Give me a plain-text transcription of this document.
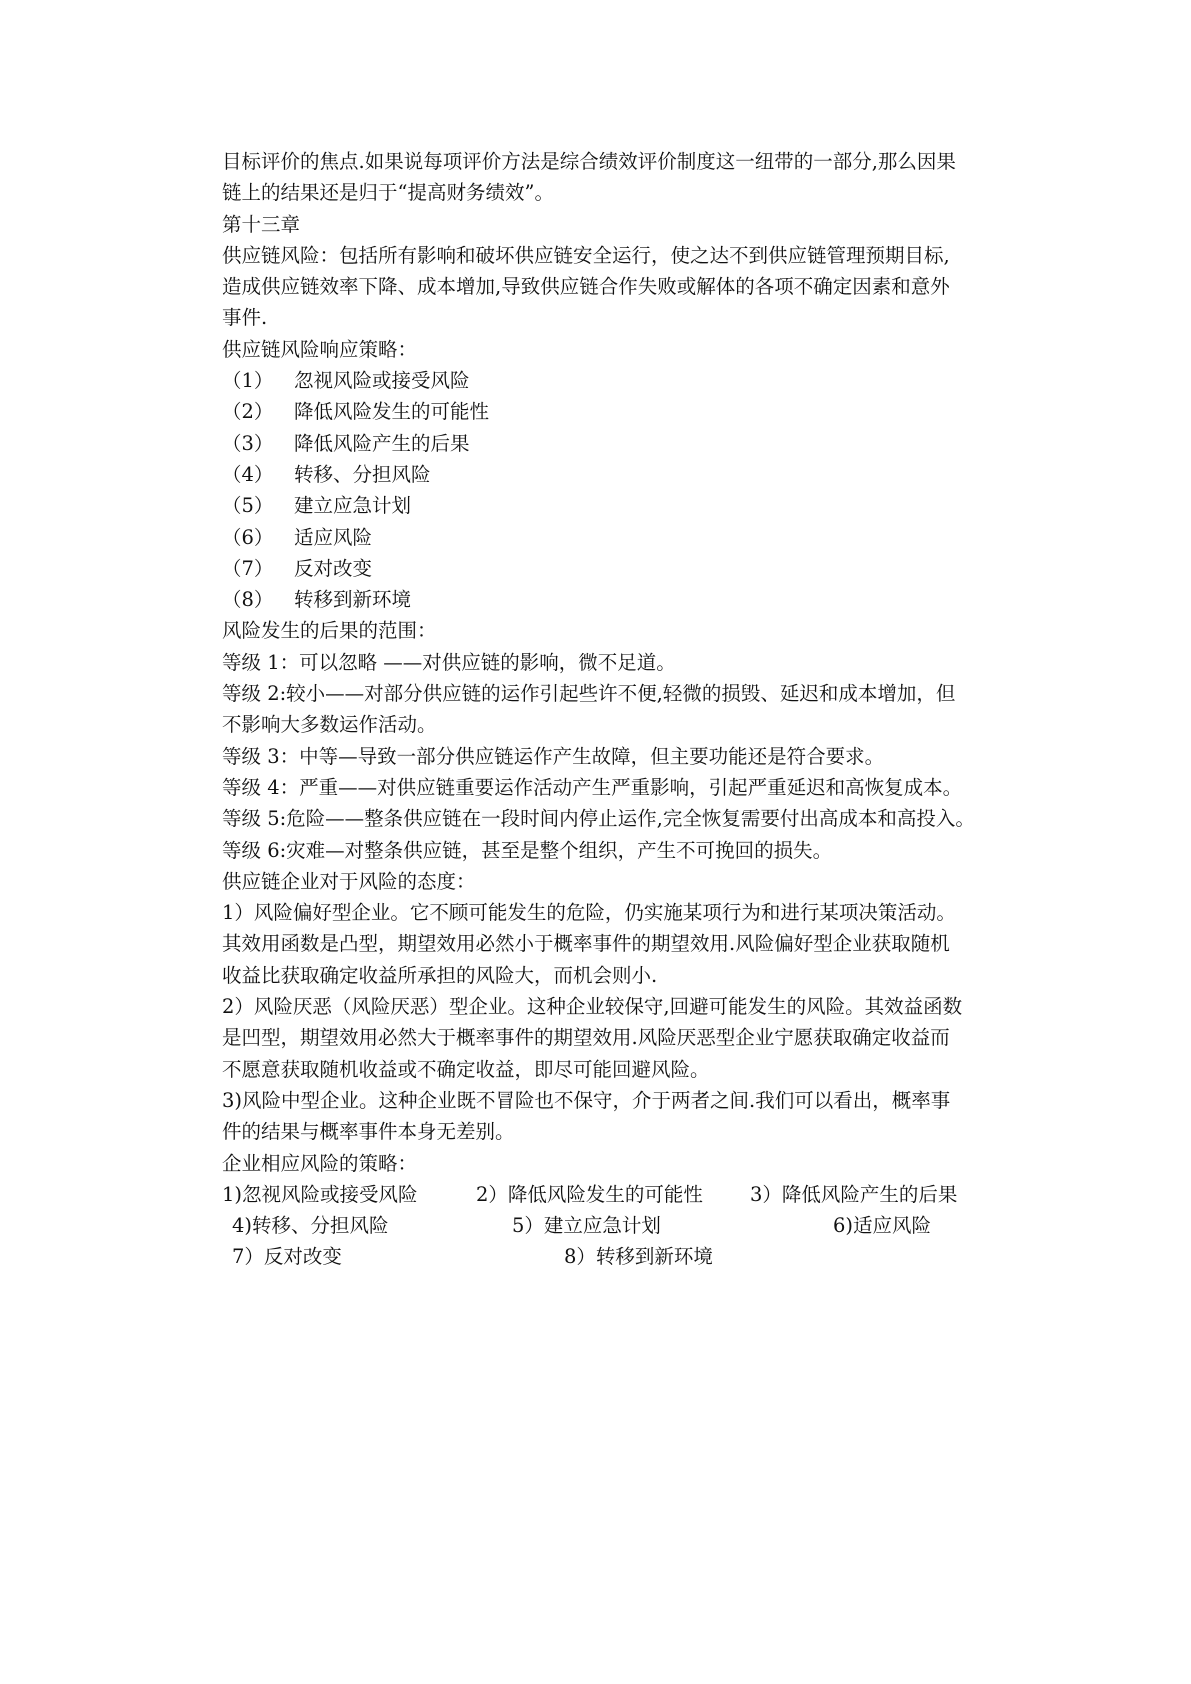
目标评价的焦点.如果说每项评价方法是综合绩效评价制度这一纽带的一部分,那么因果
链上的结果还是归于“提高财务绩效”。
第十三章
供应链风险：包括所有影响和破坏供应链安全运行，使之达不到供应链管理预期目标,
造成供应链效率下降、成本增加,导致供应链合作失败或解体的各项不确定因素和意外
事件.
供应链风险响应策略：
（1） 忽视风险或接受风险
（2） 降低风险发生的可能性
（3） 降低风险产生的后果
（4） 转移、分担风险
（5） 建立应急计划
（6） 适应风险
（7） 反对改变
（8） 转移到新环境
风险发生的后果的范围：
等级 1：可以忽略 ——对供应链的影响，微不足道。
等级 2:较小——对部分供应链的运作引起些许不便,轻微的损毁、延迟和成本增加，但
不影响大多数运作活动。
等级 3：中等—导致一部分供应链运作产生故障，但主要功能还是符合要求。
等级 4：严重——对供应链重要运作活动产生严重影响，引起严重延迟和高恢复成本。
等级 5:危险——整条供应链在一段时间内停止运作,完全恢复需要付出高成本和高投入。
等级 6:灾难—对整条供应链，甚至是整个组织，产生不可挽回的损失。
供应链企业对于风险的态度：
1）风险偏好型企业。它不顾可能发生的危险，仍实施某项行为和进行某项决策活动。
其效用函数是凸型，期望效用必然小于概率事件的期望效用.风险偏好型企业获取随机
收益比获取确定收益所承担的风险大，而机会则小.
2）风险厌恶（风险厌恶）型企业。这种企业较保守,回避可能发生的风险。其效益函数
是凹型，期望效用必然大于概率事件的期望效用.风险厌恶型企业宁愿获取确定收益而
不愿意获取随机收益或不确定收益，即尽可能回避风险。
3)风险中型企业。这种企业既不冒险也不保守，介于两者之间.我们可以看出，概率事
件的结果与概率事件本身无差别。
企业相应风险的策略：
1)忽视风险或接受风险	2）降低风险发生的可能性 3）降低风险产生的后果
4)转移、分担风险	5）建立应急计划	6)适应风险
7）反对改变	8）转移到新环境
